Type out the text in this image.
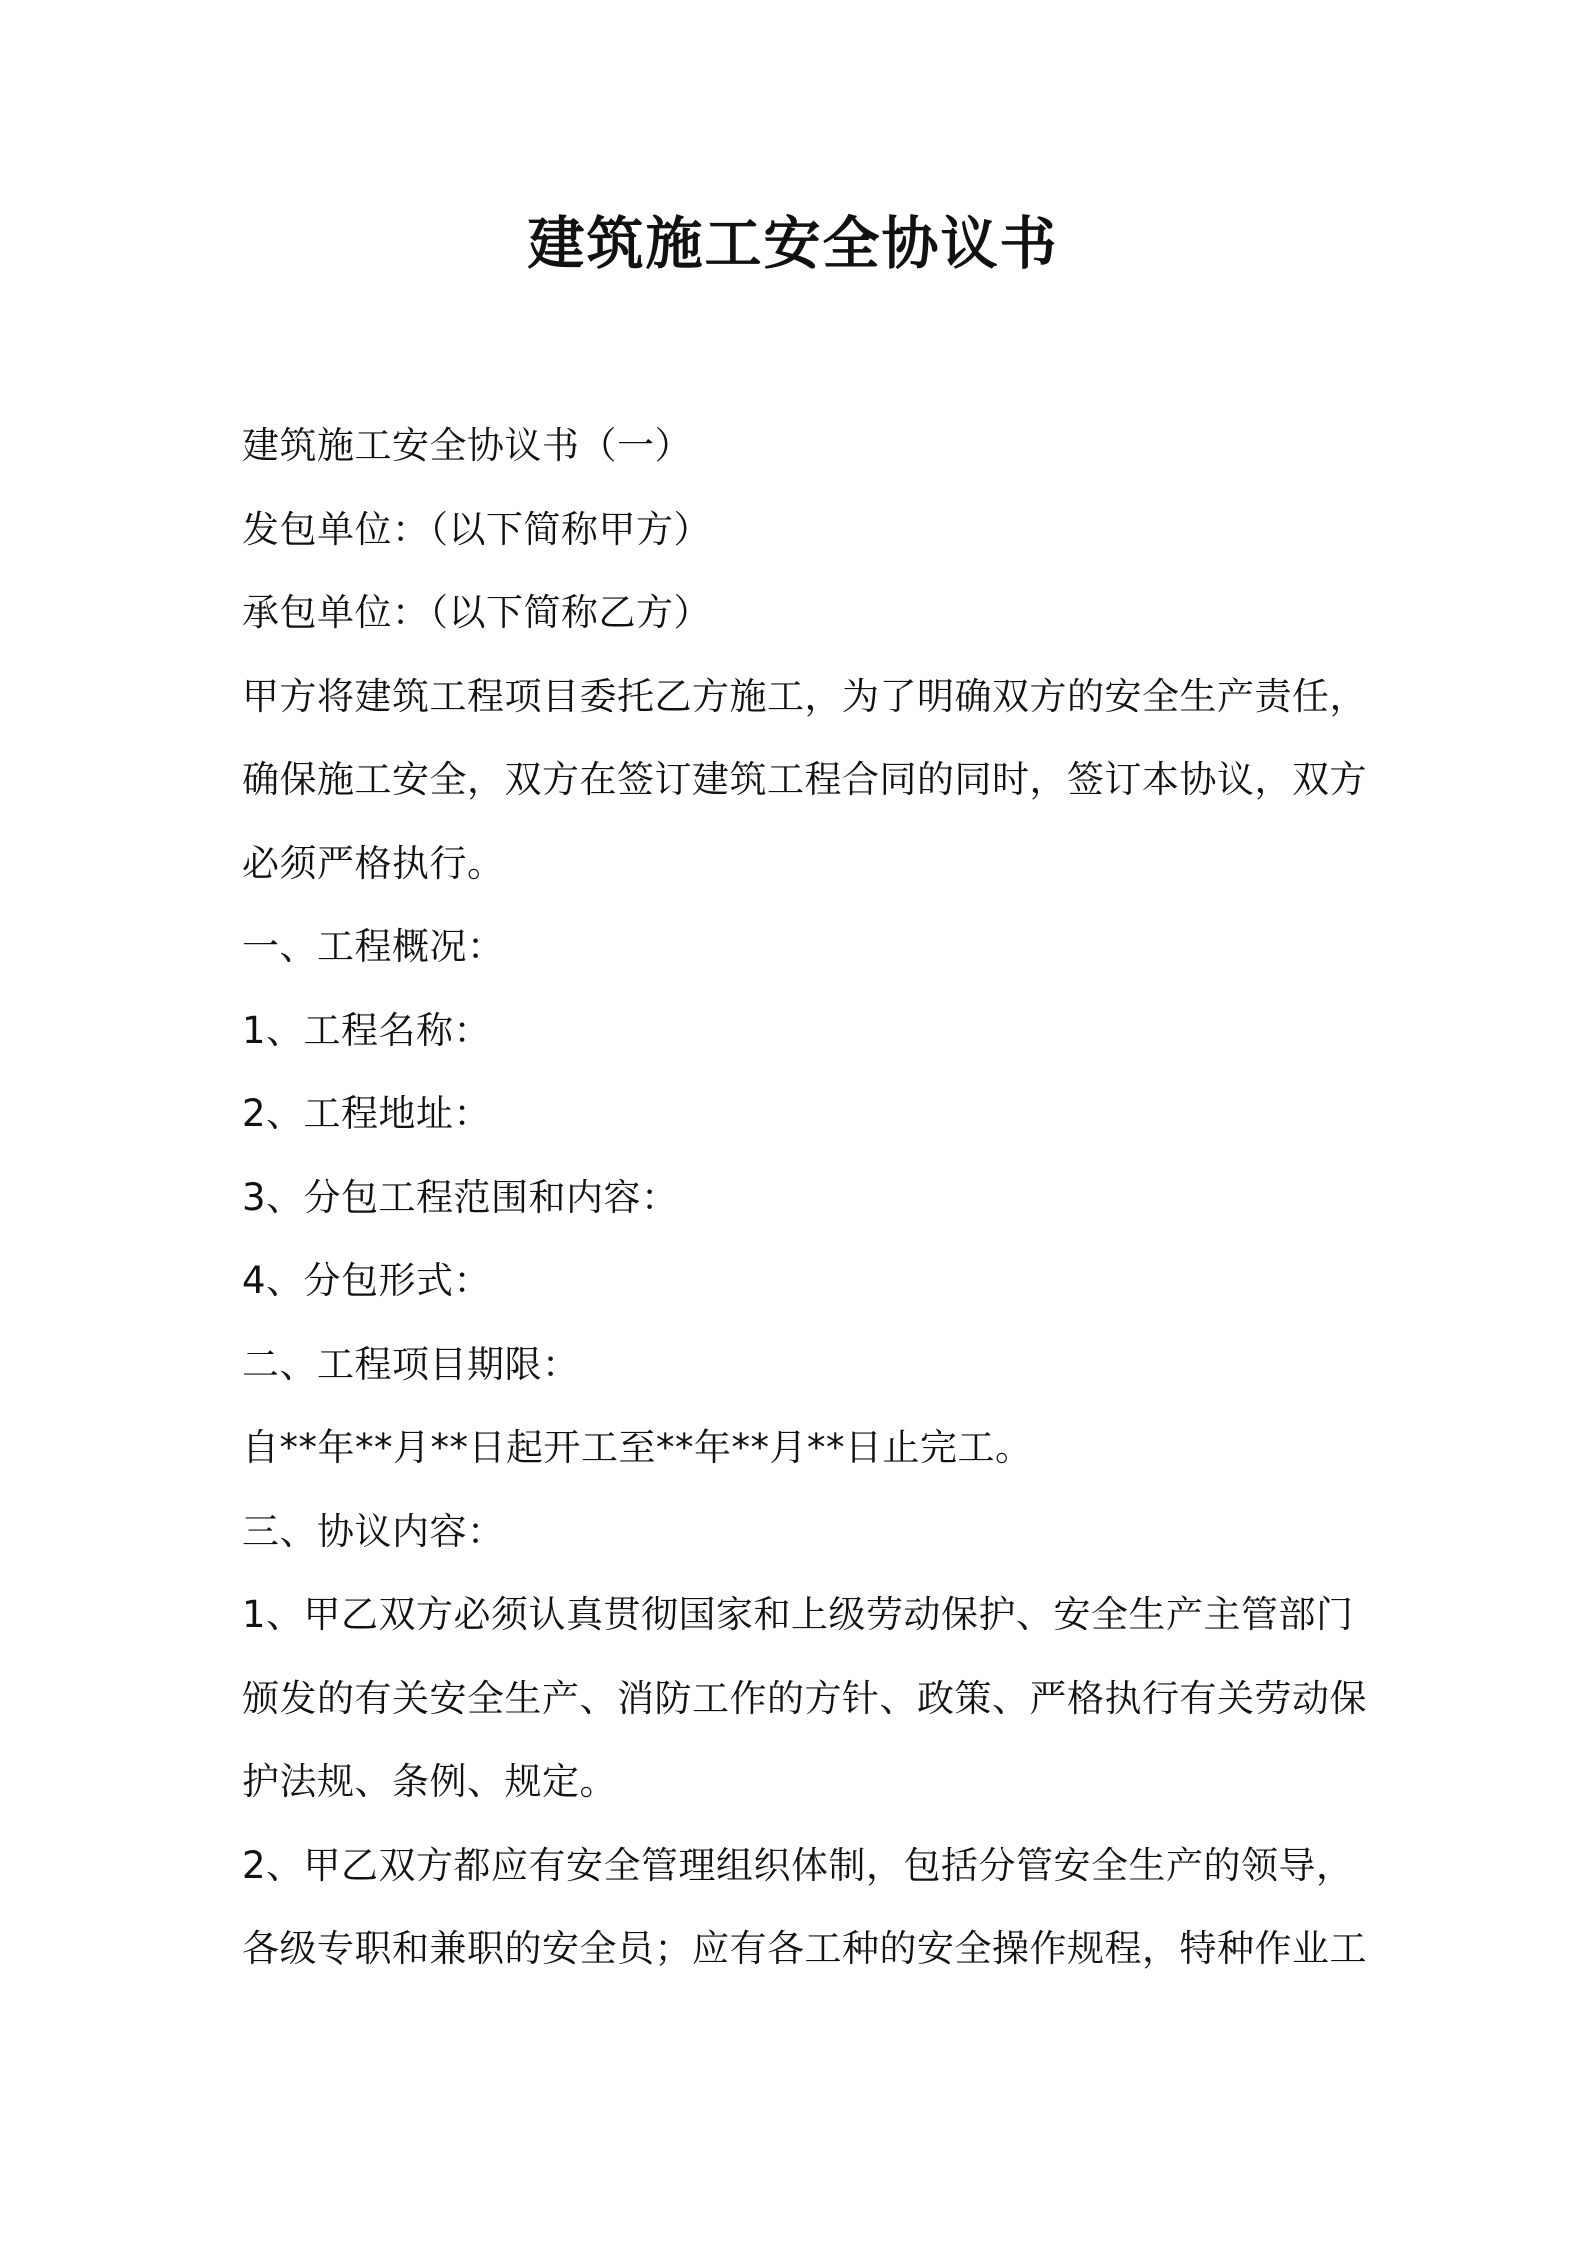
建筑施工安全协议书
建筑施工安全协议书（一）
发包单位：（以下简称甲方）
承包单位：（以下简称乙方）
甲方将建筑工程项目委托乙方施工，为了明确双方的安全生产责任，
确保施工安全，双方在签订建筑工程合同的同时，签订本协议，双方
必须严格执行。
一、工程概况：
1、工程名称：
2、工程地址：
3、分包工程范围和内容：
4、分包形式：
二、工程项目期限：
自**年**月**日起开工至**年**月**日止完工。
三、协议内容：
1、甲乙双方必须认真贯彻国家和上级劳动保护、安全生产主管部门
颁发的有关安全生产、消防工作的方针、政策、严格执行有关劳动保
护法规、条例、规定。
2、甲乙双方都应有安全管理组织体制，包括分管安全生产的领导，
各级专职和兼职的安全员；应有各工种的安全操作规程，特种作业工
